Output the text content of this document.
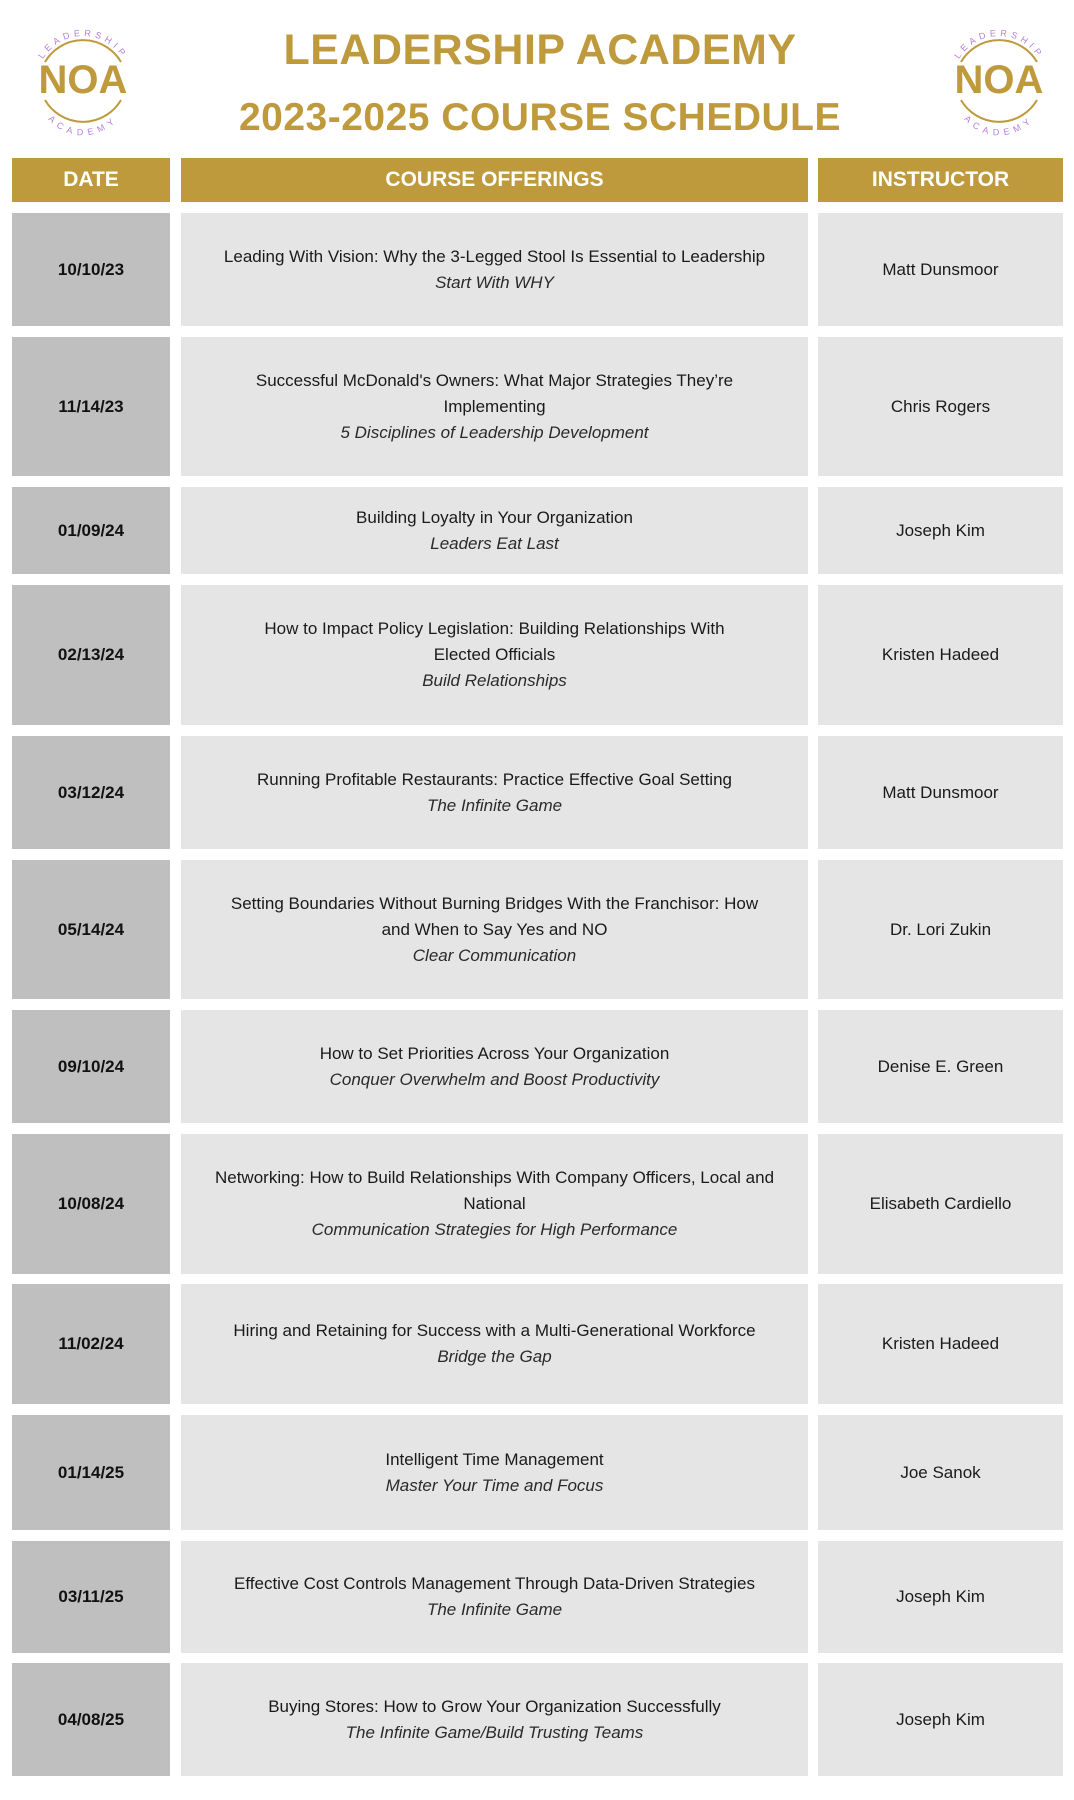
LEADERSHIP
ACADEMY
NOA
LEADERSHIP
ACADEMY
NOA
LEADERSHIP ACADEMY
2023-2025 COURSE SCHEDULE
DATE	COURSE OFFERINGS	INSTRUCTOR
10/10/23
Leading With Vision: Why the 3-Legged Stool Is Essential to Leadership
Start With WHY
Matt Dunsmoor
11/14/23
Successful McDonald's Owners: What Major Strategies They’re Implementing
5 Disciplines of Leadership Development
Chris Rogers
01/09/24
Building Loyalty in Your Organization
Leaders Eat Last
Joseph Kim
02/13/24
How to Impact Policy Legislation: Building Relationships With Elected Officials
Build Relationships
Kristen Hadeed
03/12/24
Running Profitable Restaurants: Practice Effective Goal Setting
The Infinite Game
Matt Dunsmoor
05/14/24
Setting Boundaries Without Burning Bridges With the Franchisor: How and When to Say Yes and NO
Clear Communication
Dr. Lori Zukin
09/10/24
How to Set Priorities Across Your Organization
Conquer Overwhelm and Boost Productivity
Denise E. Green
10/08/24
Networking: How to Build Relationships With Company Officers, Local and National
Communication Strategies for High Performance
Elisabeth Cardiello
11/02/24
Hiring and Retaining for Success with a Multi-Generational Workforce
Bridge the Gap
Kristen Hadeed
01/14/25
Intelligent Time Management
Master Your Time and Focus
Joe Sanok
03/11/25
Effective Cost Controls Management Through Data-Driven Strategies
The Infinite Game
Joseph Kim
04/08/25
Buying Stores: How to Grow Your Organization Successfully
The Infinite Game/Build Trusting Teams
Joseph Kim
